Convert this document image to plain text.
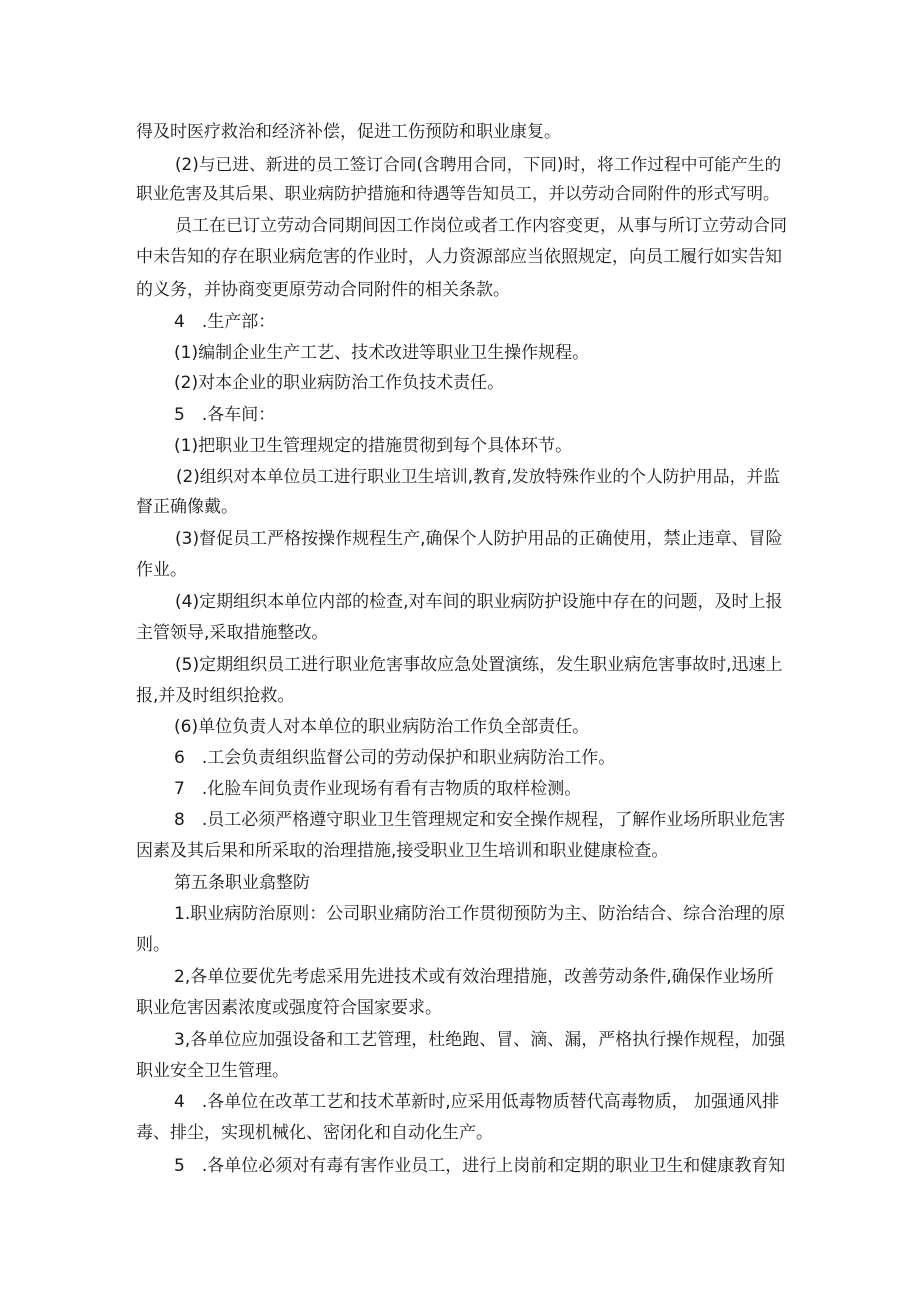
得及时医疗救治和经济补偿，促进工伤预防和职业康复。
(2)与已进、新进的员工签订合同(含聘用合同，下同)时，将工作过程中可能产生的
职业危害及其后果、职业病防护措施和待遇等告知员工，并以劳动合同附件的形式写明。
员工在已订立劳动合同期间因工作岗位或者工作内容变更，从事与所订立劳动合同
中未告知的存在职业病危害的作业时，人力资源部应当依照规定，向员工履行如实告知
的义务，并协商变更原劳动合同附件的相关条款。
4　.生产部：
(1)编制企业生产工艺、技术改进等职业卫生操作规程。
(2)对本企业的职业病防治工作负技术责任。
5　.各车间：
(1)把职业卫生管理规定的措施贯彻到每个具体环节。
(2)组织对本单位员工进行职业卫生培训,教育,发放特殊作业的个人防护用品，并监
督正确像戴。
(3)督促员工严格按操作规程生产,确保个人防护用品的正确使用，禁止违章、冒险
作业。
(4)定期组织本单位内部的检查,对车间的职业病防护设施中存在的问题，及时上报
主管领导,采取措施整改。
(5)定期组织员工进行职业危害事故应急处置演练，发生职业病危害事故时,迅速上
报,并及时组织抢救。
(6)单位负责人对本单位的职业病防治工作负全部责任。
6　.工会负责组织监督公司的劳动保护和职业病防治工作。
7　.化脸车间负责作业现场有看有吉物质的取样检测。
8　.员工必须严格遵守职业卫生管理规定和安全操作规程，了解作业场所职业危害
因素及其后果和所采取的治理措施,接受职业卫生培训和职业健康检查。
第五条职业翕整防
1.职业病防治原则：公司职业痛防治工作贯彻预防为主、防治结合、综合治理的原
则。
2,各单位要优先考虑采用先进技术或有效治理措施，改善劳动条件,确保作业场所
职业危害因素浓度或强度符合国家要求。
3,各单位应加强设备和工艺管理，杜绝跑、冒、滴、漏，严格执行操作规程，加强
职业安全卫生管理。
4　.各单位在改革工艺和技术革新时,应采用低毒物质替代高毒物质， 加强通风排
毒、排尘，实现机械化、密闭化和自动化生产。
5　.各单位必须对有毒有害作业员工，进行上岗前和定期的职业卫生和健康教育知
